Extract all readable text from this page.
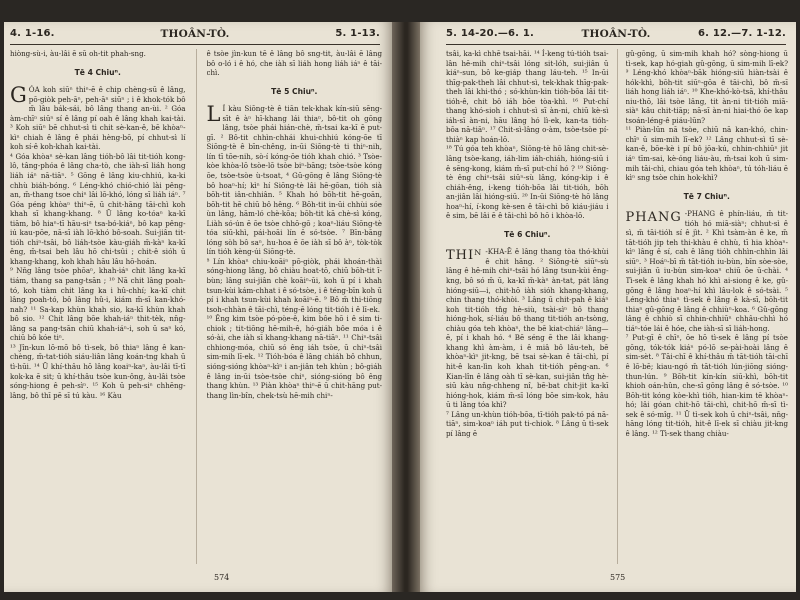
4. 1-16.	THOÂN-TÒ.	5. 1-13.

hiòng-sù-i, àu-lâi ē sū oh-tit phah-sng.

Tē 4 Chiuⁿ.

GÓA koh siūⁿ thiⁿ-ē ê chip chèng-sū ê lâng, pō-giòk peh-āⁿ, peh-āⁿ siūⁿ ; i ê khok-tók bô m̄ lâu bák-sái, bô lâng thang an-ùi. ² Góa àm-chīⁿ siūⁿ sí ê lâng pí oah ê lâng khah kai-tài. ³ Koh siūⁿ bē chhut-sì ti chit sè-kan-ê, bē khòaⁿ-kìⁿ chiah ê lâng ê phái hèng-bō, pí chhut-sì lí koh sí-ê koh-khah kai-tài.

⁴ Góa khòaⁿ sè-kan lâng tióh-bô lâi tit-tióh kong-lô, tâng-phóa ê lâng cha-tò, che iàh-sī liáh hong liáh iáⁿ nā-tiāⁿ. ⁵ Gōng ê lâng kiu-chhiú, ka-ki chhù biáh-bóng. ⁶ Léng-khó chió-chió lài pêng-an, m̄-thang tsoe chiⁿ lâi lō-khó, lóng sī liáh iáⁿ. ⁷ Góa péng khòaⁿ thiⁿ-ē, ū chit-hāng tāi-chì koh khah sī khang-khang. ⁸ Ū lâng ko-tóaⁿ ka-kī tiām, bô hiaⁿ-tī hāu-siⁿ tsa-bó-kiáⁿ, bô kap pêng-iú kau-pōe, nā-sī iàh lō-khó bô-soah. Sui-jiân tit-tióh chiⁿ-tsâi, bô liáh-tsòe kàu-giáh m̄-kàⁿ ka-kī êng, m̄-tsai beh lâu hō chi-tsûi ; chit-ê sióh ū khang-khang, koh khah hāu lâu hō-hoán.

⁹ Nn̄g lâng tsòe phōaⁿ, khah-iáⁿ chit lâng ka-kī tiám, thang sa pang-tsān ; ¹⁰ Nā chit lâng poah-tó, koh tiàm chit lâng ka i hû-chhí; ka-kī chit lâng poah-tó, bô lâng hû-i, kiám m̄-sī kan-khó-nah? ¹¹ Sa-kap khùn khah sio, ka-kī khùn khah bô sio. ¹² Chit lâng bōe khah-iáⁿ thit-tèk, nn̄g-lâng sa pang-tsān chiū khah-iáⁿ-i, soh ū saⁿ kó, chiū bô kóe tiⁿ.

¹³ Jîn-kun lō-mō bô tì-sek, bô thiaⁿ lâng ê kan-chèng, m̄-tat-tióh siáu-liân lâng koán-tng khah ū tì-hūi. ¹⁴ Ū khí-thâu hō lâng koaiⁿ-kaⁿ, àu-lâi tī-tī kok-ka ē sit; ū khí-thâu tsòe kun-ông, àu-lâi tsòe sóng-hiong ê peh-sìⁿ. ¹⁵ Koh ū peh-siⁿ chhēng-lâng, bô thī pē sī tú kàu. ¹⁶ Kàu

ê tsòe jìn-kun tē ê lâng bô sng-tit, àu-lâi ē lâng bô o-ló i ê hó, che iàh sī liáh hong liáh iáⁿ ê tāi-chì.

Tē 5 Chiuⁿ.

L Í kàu Siōng-tè ê tiān tek-khak kín-siū sēng-sīt ê àⁿ hī-khang lái thiaⁿ, bô-tit oh gōng lâng, tsòe phái hián-chè, m̄-tsai ka-kī ē put-gī. ² Bô-tit chhìn-chhái khui-chhiú kóng-ōe tī Siōng-tè ê bīn-chêng, in-ūi Siōng-tè ti thiⁿ-nih, lín tī tōe-nih, sò-í kóng-ōe tióh khah chió. ³ Tsòe-kòe khòa-lō tsòe-lō tsòe biⁿ-bāng; tsòe-tsòe kóng ōe, tsòe-tsòe ù-tsoat, ⁴ Gū-gōng ê lâng Siōng-tè bô hoaⁿ-hí; kìⁿ hí Siōng-tè lâi hē-gōan, tióh sià bōh-tit iân-chhiân. ⁵ Khah hó bōh-tit hē-goān, bōh-tit hē chiū bô hêng. ⁶ Bōh-tit in-ūi chhùi sóe ùn lâng, hām-ló chè-kōa; bōh-tit kā chè-sì kóng, Liàh só-ún ē ōe tsòe chhō-gō ; koaⁿ-liáu Siōng-tè tóa siū-khì, pái-hoāi lín ē só-tsòe. ⁷ Bīn-bāng lóng sòh bô saⁿ, hu-hoa ē ōe iàh sī bô àⁿ, tòk-tòk lín tióh kèng-úi Siōng-tè.

⁸ Lín khòaⁿ chiu-koāiⁿ pō-giòk, phái khoán-thài sóng-hiong lâng, bô chiàu hoat-tō, chiū bōh-tit ī-bùn; lâng sui-jiân chè koāiⁿ-ūi, koh ū pí i khah tsun-kùi kám-chhat i ê só-tsòe, i ê téng-bīn koh ū pí i khah tsun-kùi khah koāiⁿ-ē. ⁹ Bô m̄ thi-tiōng tsoh-chhàn ê tāi-chì, téng-ē lóng tit-tióh i ê lī-ek.

¹⁰ Êng kim tsòe pó-pòe-ê, kim bôe hō i ê sim ti-chiok ; tit-tiōng hē-mih-ê, hó-giáh bôe móa i ê só-ài, che iàh sī khang-khang nā-tiāⁿ. ¹¹ Chiⁿ-tsâi chhiong-móa, chiū só êng iáh tsòe, ū chiⁿ-tsâi sim-mih lī-ek. ¹² Tióh-bóa ê lâng chiáh bô chhun, sióng-sióng khòaⁿ-kìⁿ i an-jiân teh khùn ; bô-giáh ê lâng in-ūi tsòe-tsòe chiⁿ, sióng-sióng bô êng thang khùn. ¹³ Piàn khòaⁿ thiⁿ-ē ū chit-hāng put-thang lìn-bîn, chek-tsù hē-mih chiⁿ-

574
5. 14-20.—6. 1.	THOÂN-TÒ.	6. 12.—7. 1-12.

tsâi, ka-kì chhē tsai-hāi. ¹⁴ Í-keng tú-tióh tsai-lân hē-mih chiⁿ-tsâi lóng sit-lóh, sui-jiân ū kiáⁿ-sun, bô ke-giáp thang láu-teh. ¹⁵ In-ūi thīg-pak-theh lâi chhut-sì, tek-khak thīg-pak-theh lâi khi-thó ; só-khùn-kin tióh-bōa lâi tit-tióh-ê, chit bô iáh bōe tòa-khì. ¹⁶ Put-chí thang khó-sioh i chhut-sì sī àn-ni, chiū kè-sì iáh-sī àn-ni, hāu lâng hó lì-ek, kan-ta tióh-bōa nā-tiāⁿ. ¹⁷ Chit-sì-lâng o-àm, tsòe-tsòe pí-thiàⁿ kap hoán-lō.

¹⁸ Tú góa teh khòaⁿ, Siōng-tè hō lâng chit-sè-lâng tsòe-kang, iáh-lim iáh-chiáh, hióng-siū i ê sēng-kong, kiám m̄-sī put-chí hó ? ¹⁹ Siōng-tè êng chiⁿ-tsâi siūⁿ-sù lâng, kóng-kip i ê chiáh-êng, i-keng tióh-bōa lâi tit-tióh, bōh an-jiân lâi hióng-siū. ²⁰ In-ūi Siōng-tè hō lâng hoaⁿ-hí, í-kong kè-sen ê tāi-chì bô kiáu-jiáu i ê sim, bē lâi ē ê tāi-chì bô hō i khòa-lō.

Tē 6 Chiuⁿ.

THIᴺ -KHA-Ē ê lâng thang tòa thó-khùi ê chit hāng. ² Siōng-tè siūⁿ-sù lâng ê hē-mih chiⁿ-tsâi hó lâng tsun-kùi êng-kng, bô só m̄ ū, ka-kī m̄-kàⁿ àn-tat, pát lâng hióng-siū—i, chit-hō iàh sióh khang-khang, chin thang thó-khòi. ³ Lâng ū chit-pah ê kiáⁿ koh tit-tióh tn̂g hè-siù, tsài-sìⁿ bô thang hióng-hok, sí-liáu bô thang tit-tióh an-tsòng, chiàu góa teh khòaⁿ, the bē kiat-chiáⁿ lâng—ē, pí i khah hó. ⁴ Bē séng ē the lâi khang-khang khì àm-àm, i ê miâ bô lâu-teh, bē khòaⁿ-kìⁿ jit-kng, bē tsai sè-kan ê tāi-chì, pí hit-ê kan-lìn koh khah tit-tióh pêng-an. ⁶ Kian-lîn ê lâng oàh tī sè-kan, sui-jiân tn̂g hè-siū kàu nn̄g-chheng nî, bē-bat chit-jit ka-kī hióng-hok, kiám m̄-sī lóng bōe sim-kok, hâu ū ti lâng tóa khì?

⁷ Lâng un-khùn tióh-bōa, tī-tióh pak-tó pá nā-tiāⁿ, sim-koaⁿ iáh put ti-chiok. ⁸ Lâng ū tì-sek pí lâng ē

gû-gōng, ū sim-mih khah hó? sòng-hiong ū tì-sek, kap hó-giah gû-gōng, ū sim-mih lī-ek? ⁹ Léng-khó khòaⁿ-bāk hióng-siū hiàn-tsài ê hók-khì, bōh-tit siūⁿ-gōa ê tāi-chì, bô m̄-sī liáh hong liáh iáⁿ. ¹⁰ Khe-khó-kò-tsā, khí-thâu niu-thō, lâi tsòe lâng, tit àn-ni tit-tióh miā-siàⁿ kâu chit-tiāp; nā-sī àn-ni hiai-thó ōe kap tsoán-léng-ê piáu-lūn?

¹¹ Piàn-lūn nā tsòe, chiū nā kan-khó, chin-chīⁿ ū sim-mih lī-ek? ¹² Lâng chhut-sì tī sè-kan-ê, bōe-kè i pí bô jōa-kú, chhin-chhiūⁿ jit iáⁿ tīm-sai, kè-óng liáu-àu, m̄-tsai koh ū sim-mih tāi-chì, chiau góa teh khòaⁿ, tú tóh-liáu ē kìⁿ sng tsòe chin hok-khì?

Tē 7 Chiuⁿ.

PHANG -PHANG ê phín-liáu, m̄ tit-tióh hó miā-siàⁿ; chhut-sì ê sì, m̄ tāi-tióh sí ê jìt. ² Khì tsàm-àn ê ke, m̄ tāt-tióh jip teh thi-khàu ê chhù, tī hia khòaⁿ-kìⁿ lâng ê sí, cah ê lâng tióh chhìn-chhìn lâi siūⁿ. ³ Hoáⁿ-bī m̄ tāt-tióh iu-bùn, bīn sòe-sòe, sui-jiân ū iu-bùn sim-koaⁿ chiū ōe ū-chài. ⁴ Tì-sek ê lâng khah hó khì ai-siong ê ke, gû-gōng ê lâng hoaⁿ-hí khì lâu-lok ê só-tsài. ⁵ Léng-khó thiaⁿ tì-sek ê lâng ê kà-sī, bōh-tit thiaⁿ gû-gōng ê lâng ê chhiùⁿ-koa. ⁶ Gû-gōng lâng ê chhiò sī chhin-chhiūⁿ chhâu-chhì hó tiáⁿ-tóe lái ê hóe, che iàh-sī sī liáh-hong.

⁷ Put-gī ê chīⁿ, ōe hō tì-sek ê lâng pí tsòe gōng, tók-tók kiáⁿ pó-lō se-pài-hoài lâng ê sim-sèt. ⁸ Tāi-chī ê khí-thâu m̄ tāt-tióh tāi-chī ê lō-bē; kiau-ngó m̄ tāt-tióh lún-jiōng sióng-thun-lún. ⁹ Bōh-tit kín-kín siū-khì, bōh-tit khioh oán-hûn, che-sī gōng lâng ê só-tsòe. ¹⁰ Bōh-tit kóng kòe-khì tióh, hian-kim tē khòaⁿ-hó; lâi góan chit-hō tāi-chì, chit-hō m̄-sī tì-sek ê só-mîg. ¹¹ Ū tì-sek koh ū chiⁿ-tsâi, nn̄g-hāng lóng tit-tióh, hit-ê lī-ek sī chiàu jit-kng ê lâng. ¹² Tì-sek thang chiàu-

575
